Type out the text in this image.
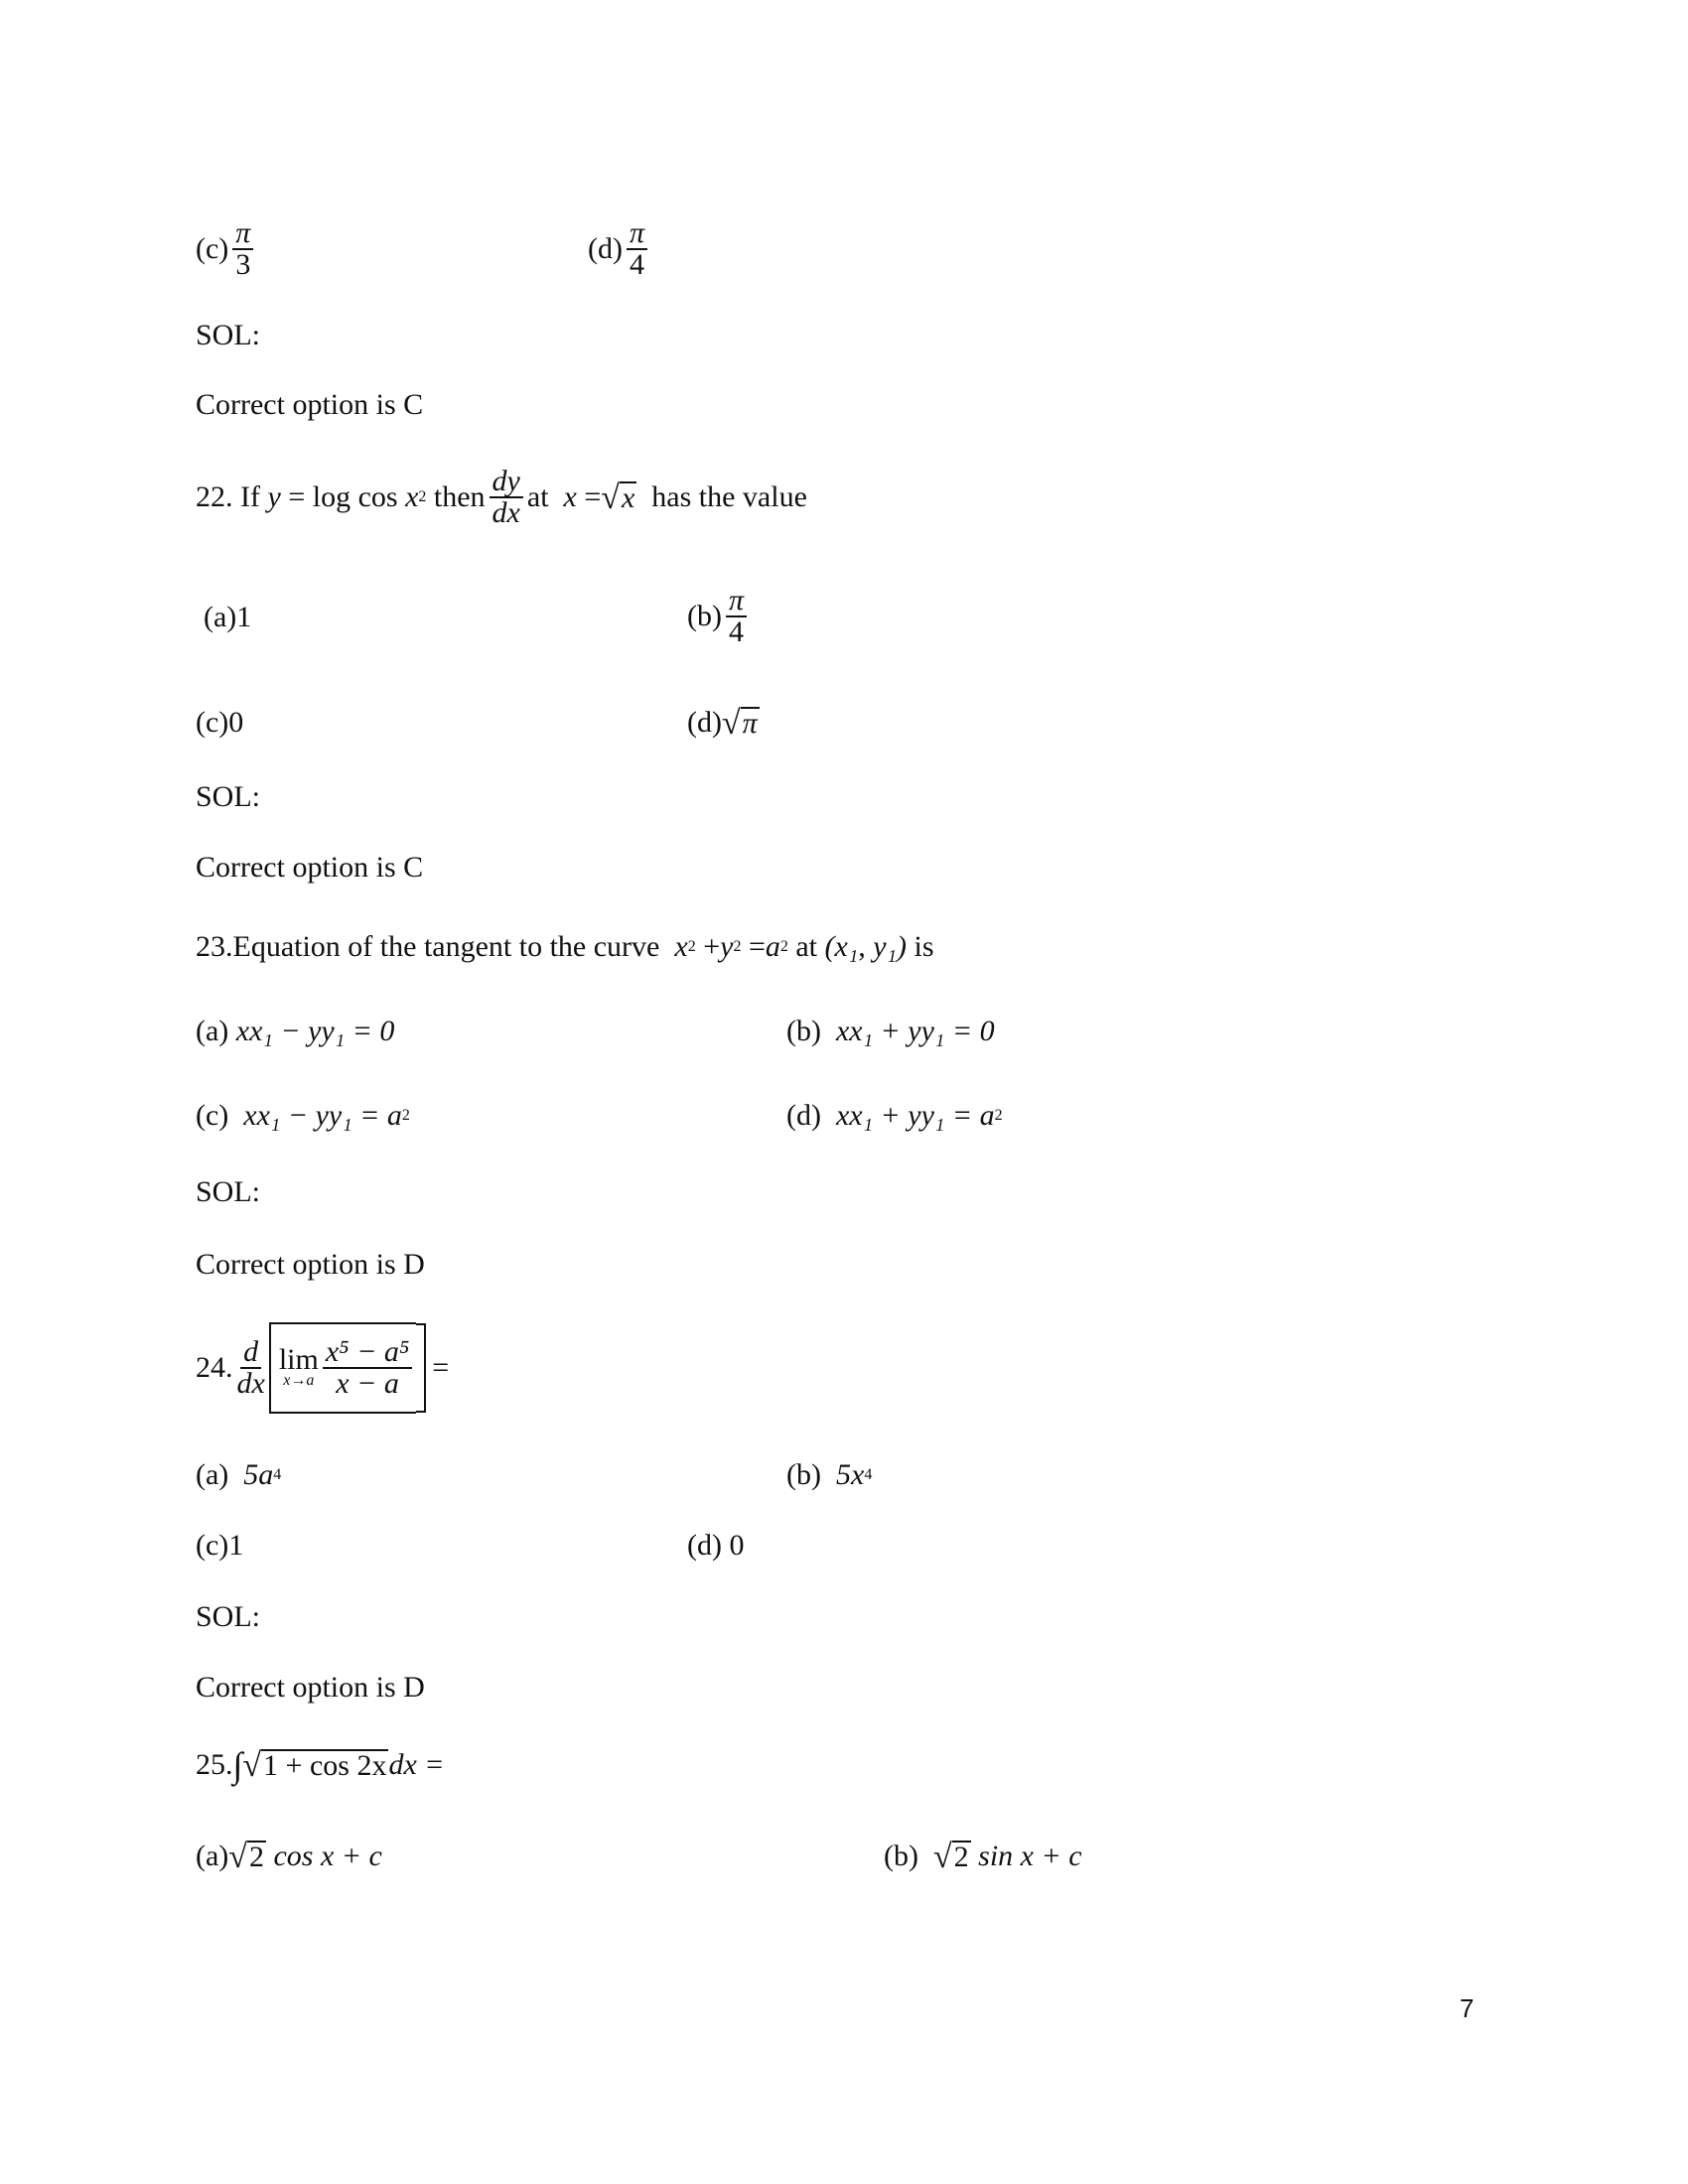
$(c) \frac{\pi}{3}$	$(d) \frac{\pi}{4}$
SOL:
Correct option is C
22. If
y
= log cos
x 2
then $\frac{dy}{dx}$ at
x
= √ x
has the value
(a)1	$(b) \frac{\pi}{4}$
(c)0	(d) √ π
SOL:
Correct option is C
23.Equation of the tangent to the curve
x 2
+ y 2
= a 2
at
(x₁, y₁)
is
(a)
xx₁ − yy₁ = 0	(b)
xx₁ + yy₁ = 0
(c)
xx₁ − yy₁ = a 2	(d)
xx₁ + yy₁ = a 2
SOL:
Correct option is D
24. $\frac{d}{dx}$ lim
$x\to a \frac{\text{x⁵ − a⁵}}{x - a}$ =
(a)
5a 4	(b)
5x 4
(c)1	(d) 0
SOL:
Correct option is D
25. ∫ √ 1 + cos 2x dx =
(a) √ 2
cos x + c	(b)
√ 2
sin x + c
7
